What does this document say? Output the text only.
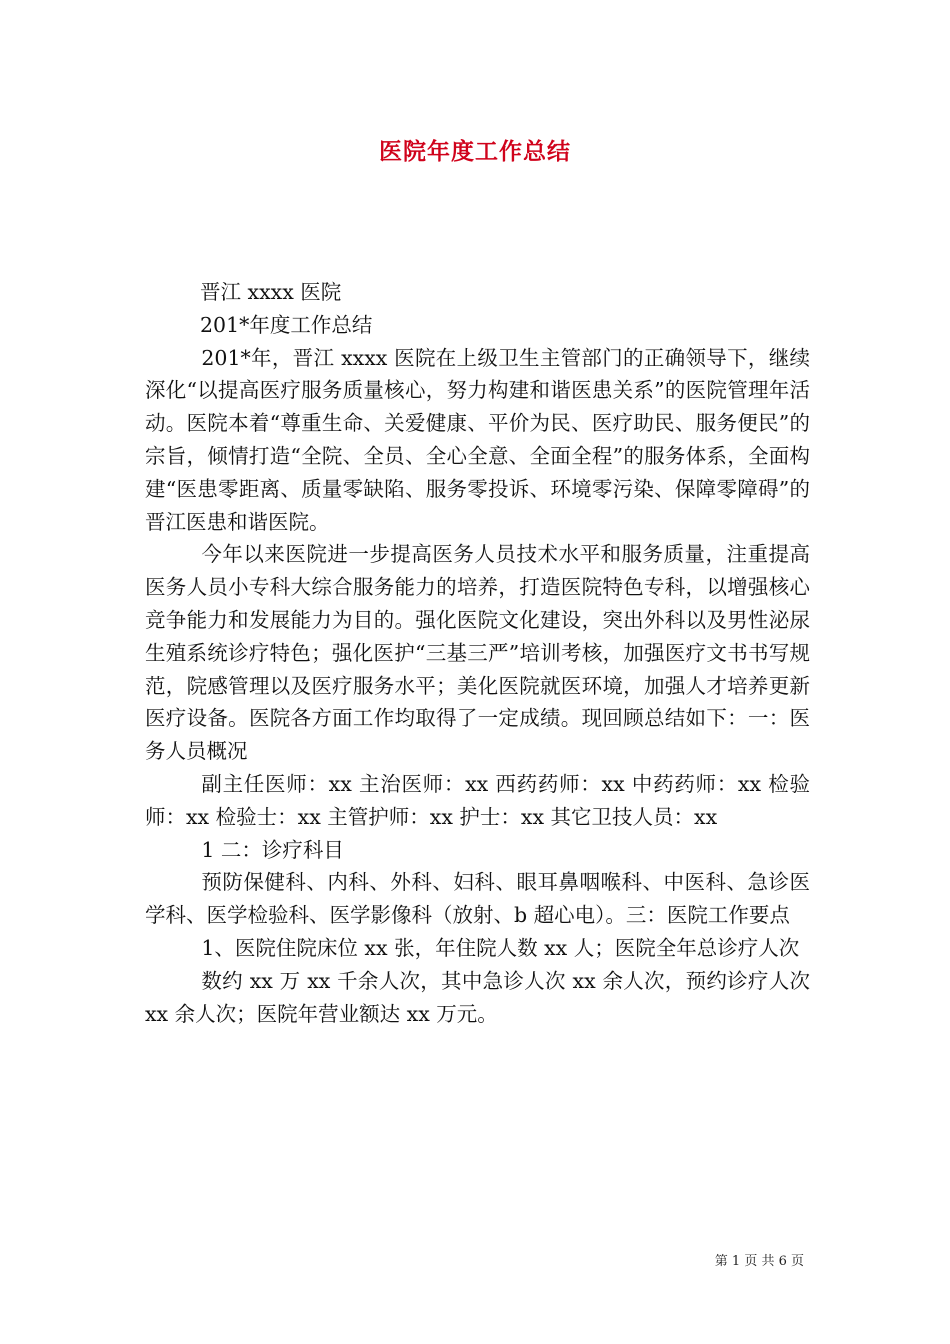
医院年度工作总结

晋江 xxxx 医院

201*年度工作总结

201*年，晋江 xxxx 医院在上级卫生主管部门的正确领导下，继续深化“以提高医疗服务质量核心，努力构建和谐医患关系”的医院管理年活动。医院本着“尊重生命、关爱健康、平价为民、医疗助民、服务便民”的宗旨，倾情打造“全院、全员、全心全意、全面全程”的服务体系，全面构建“医患零距离、质量零缺陷、服务零投诉、环境零污染、保障零障碍”的晋江医患和谐医院。

今年以来医院进一步提高医务人员技术水平和服务质量，注重提高医务人员小专科大综合服务能力的培养，打造医院特色专科，以增强核心竞争能力和发展能力为目的。强化医院文化建设，突出外科以及男性泌尿生殖系统诊疗特色；强化医护“三基三严”培训考核，加强医疗文书书写规范，院感管理以及医疗服务水平；美化医院就医环境，加强人才培养更新医疗设备。医院各方面工作均取得了一定成绩。现回顾总结如下：一：医务人员概况

副主任医师：xx 主治医师：xx 西药药师：xx 中药药师：xx 检验师：xx 检验士：xx 主管护师：xx 护士：xx 其它卫技人员：xx

1 二：诊疗科目

预防保健科、内科、外科、妇科、眼耳鼻咽喉科、中医科、急诊医学科、医学检验科、医学影像科（放射、b 超心电）。三：医院工作要点

1、医院住院床位 xx 张，年住院人数 xx 人；医院全年总诊疗人次

数约 xx 万 xx 千余人次，其中急诊人次 xx 余人次，预约诊疗人次 xx 余人次；医院年营业额达 xx 万元。

第 1 页 共 6 页
